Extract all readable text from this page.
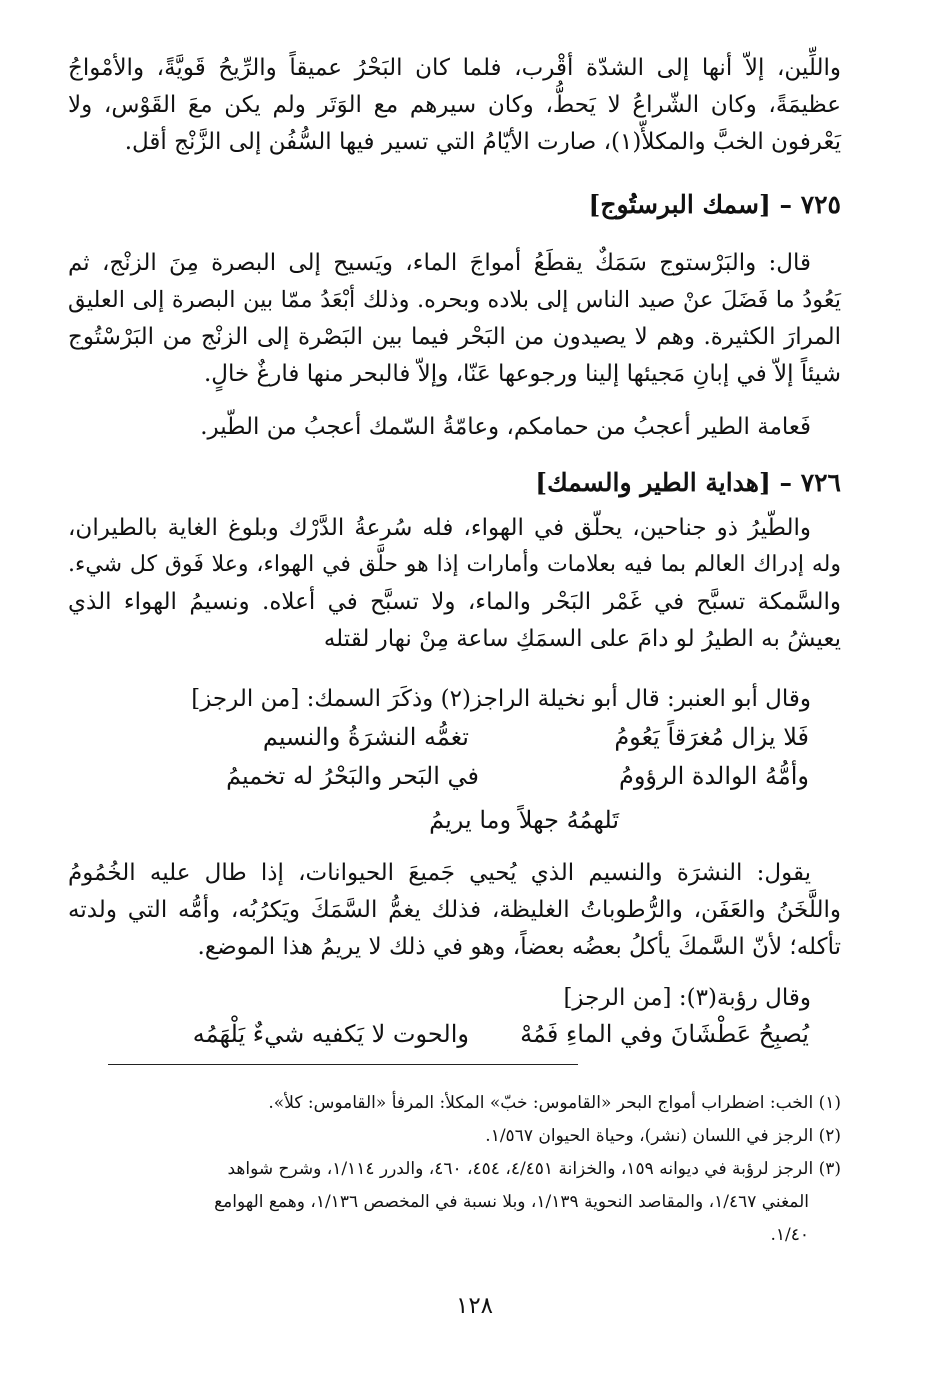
واللِّين، إلاّ أنها إلى الشدّة أقْرب، فلما كان البَحْرُ عميقاً والرِّيحُ قَويَّةً، والأمْواجُ
عظيمَةً، وكان الشّراعُ لا يَحطُّ، وكان سيرهم مع الوَتَر ولم يكن معَ القَوْس، ولا
يَعْرفون الخبَّ والمكلأّ(١)، صارت الأيّامُ التي تسير فيها السُّفُن إلى الزَّنْج أقل.
٧٢٥ – [سمك البرستُوج]
قال: والبَرْستوج سَمَكٌ يقطَعُ أمواجَ الماء، ويَسيح إلى البصرة مِنَ الزنْج، ثم
يَعُودُ ما فَضَلَ عنْ صيد الناس إلى بلاده وبحره. وذلك أبْعَدُ ممّا بين البصرة إلى العليق
المرارَ الكثيرة. وهم لا يصيدون من البَحْر فيما بين البَصْرة إلى الزنْج من البَرْسْتُوج
شيئاً إلاّ في إبانِ مَجيئها إلينا ورجوعها عَنّا، وإلاّ فالبحر منها فارغٌ خالٍ.
فَعامة الطير أعجبُ من حمامكم، وعامّةُ السّمك أعجبُ من الطّير.
٧٢٦ – [هداية الطير والسمك]
والطّيرُ ذو جناحين، يحلّق في الهواء، فله سُرعةُ الدَّرْك وبلوغ الغاية بالطيران،
وله إدراك العالم بما فيه بعلامات وأمارات إذا هو حلَّق في الهواء، وعلا فَوق كل شيء.
والسَّمكة تسبَّح في غَمْر البَحْر والماء، ولا تسبَّح في أعلاه. ونسيمُ الهواء الذي
يعيشُ به الطيرُ لو دامَ على السمَكِ ساعة مِنْ نهار لقتله
وقال أبو العنبر: قال أبو نخيلة الراجز(٢) وذكَرَ السمك: [من الرجز]
تغمُّه النشرَةُ والنسيم	فَلا يزال مُغرَقاً يَعُومُ
في البَحر والبَحْرُ له تخميمُ	وأمُّهُ الوالدة الرؤومُ
تَلهمُهُ جهلاً وما يريمُ
يقول: النشرَة والنسيم الذي يُحيي جَميعَ الحيوانات، إذا طال عليه الخُمُومُ
واللَّخَنُ والعَفَن، والرُّطوباتُ الغليظة، فذلك يغمُّ السَّمَكَ ويَكرُبُه، وأمُّه التي ولدته
تأكله؛ لأنّ السَّمكَ يأكلُ بعضُه بعضاً، وهو في ذلك لا يريمُ هذا الموضع.
وقال رؤبة(٣): [من الرجز]
والحوت لا يَكفيه شيءٌ يَلْهَمُه يُصبِحُ عَطْشَانَ وفي الماءِ فَمُهْ
(١) الخب: اضطراب أمواج البحر «القاموس: خبّ» المكلأ: المرفأ «القاموس: كلأ».
(٢) الرجز في اللسان (نشر)، وحياة الحيوان ١/٥٦٧.
(٣) الرجز لرؤبة في ديوانه ١٥٩، والخزانة ٤/٤٥١، ٤٥٤، ٤٦٠، والدرر ١/١١٤، وشرح شواهد
المغني ١/٤٦٧، والمقاصد النحوية ١/١٣٩، وبلا نسبة في المخصص ١/١٣٦، وهمع الهوامع
١/٤٠.
١٢٨
